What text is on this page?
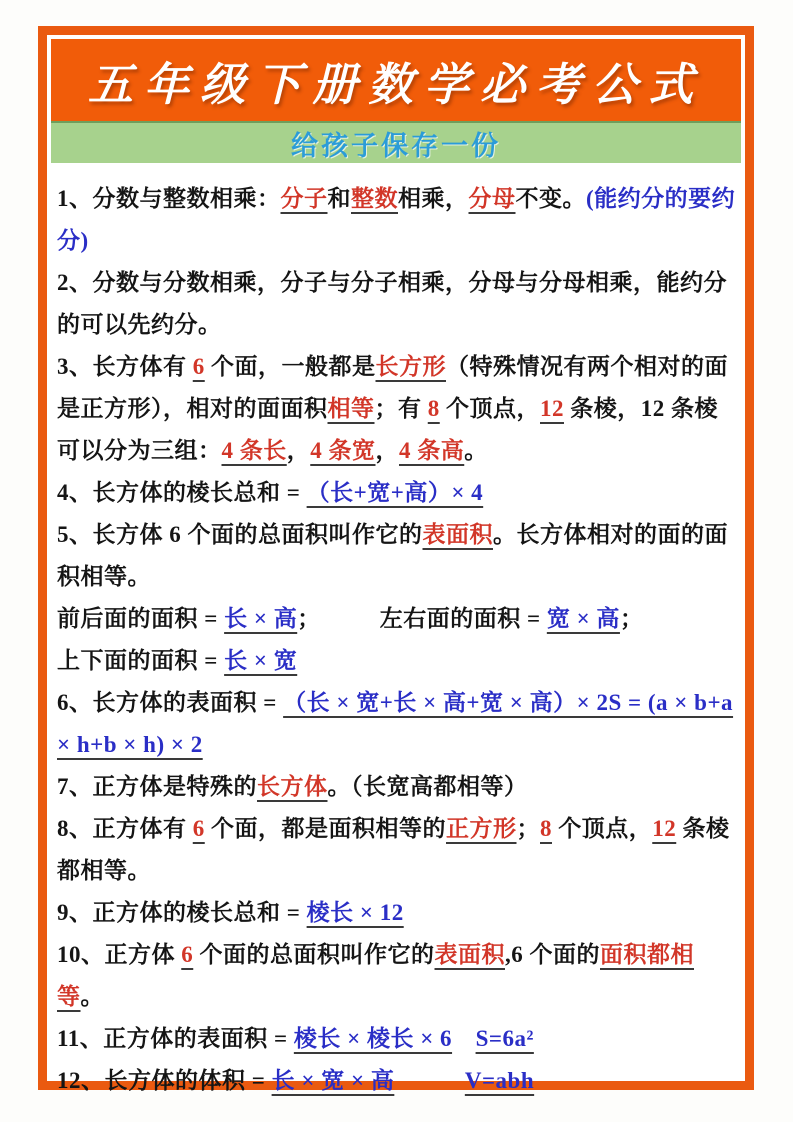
五年级下册数学必考公式
给孩子保存一份

1、分数与整数相乘：分子和整数相乘，分母不变。(能约分的要约分)

2、分数与分数相乘，分子与分子相乘，分母与分母相乘，能约分的可以先约分。

3、长方体有 6 个面，一般都是长方形（特殊情况有两个相对的面是正方形），相对的面面积相等；有 8 个顶点，12 条棱，12 条棱可以分为三组：4 条长，4 条宽，4 条高。

4、长方体的棱长总和 = （长+宽+高）× 4

5、长方体 6 个面的总面积叫作它的表面积。长方体相对的面的面积相等。

前后面的面积 = 长 × 高；　　　左右面的面积 = 宽 × 高；

上下面的面积 = 长 × 宽

6、长方体的表面积 = （长 × 宽+长 × 高+宽 × 高）× 2S = (a × b+a × h+b × h) × 2

7、正方体是特殊的长方体。（长宽高都相等）

8、正方体有 6 个面，都是面积相等的正方形；8 个顶点，12 条棱都相等。

9、正方体的棱长总和 = 棱长 × 12

10、正方体 6 个面的总面积叫作它的表面积,6 个面的面积都相等。

11、正方体的表面积 = 棱长 × 棱长 × 6　 S=6a²

12、长方体的体积 = 长 × 宽 × 高　　　	V=abh
